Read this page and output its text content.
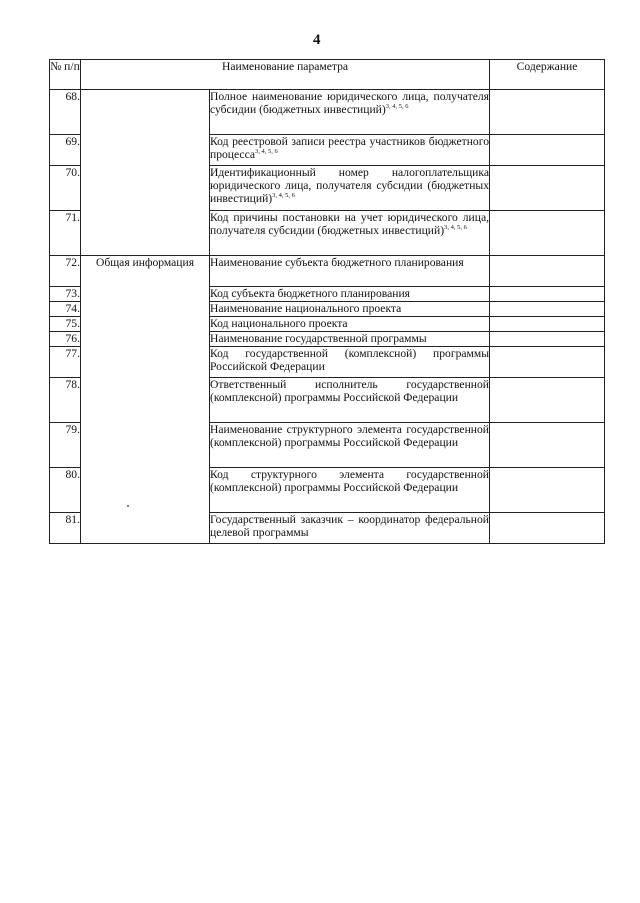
4
№ п/п	Наименование параметра		Содержание
68.		Полное наименование юридического лица, получателя субсидии (бюджетных инвестиций)$^{3, 4, 5, 6}$	
69.		Код реестровой записи реестра участников бюджетного процесса$^{3, 4, 5, 6}$	
70.		Идентификационный номер налогоплательщика юридического лица, получателя субсидии (бюджетных инвестиций)$^{3, 4, 5, 6}$	
71.		Код причины постановки на учет юридического лица, получателя субсидии (бюджетных инвестиций)$^{3, 4, 5, 6}$	
72.	Общая информация	Наименование субъекта бюджетного планирования	
73.		Код субъекта бюджетного планирования	
74.		Наименование национального проекта	
75.		Код национального проекта	
76.		Наименование государственной программы	
77.		Код государственной (комплексной) программы Российской Федерации	
78.		Ответственный исполнитель государственной (комплексной) программы Российской Федерации	
79.		Наименование структурного элемента государственной (комплексной) программы Российской Федерации	
80.		Код структурного элемента государственной (комплексной) программы Российской Федерации	
81.		Государственный заказчик – координатор федеральной целевой программы	
